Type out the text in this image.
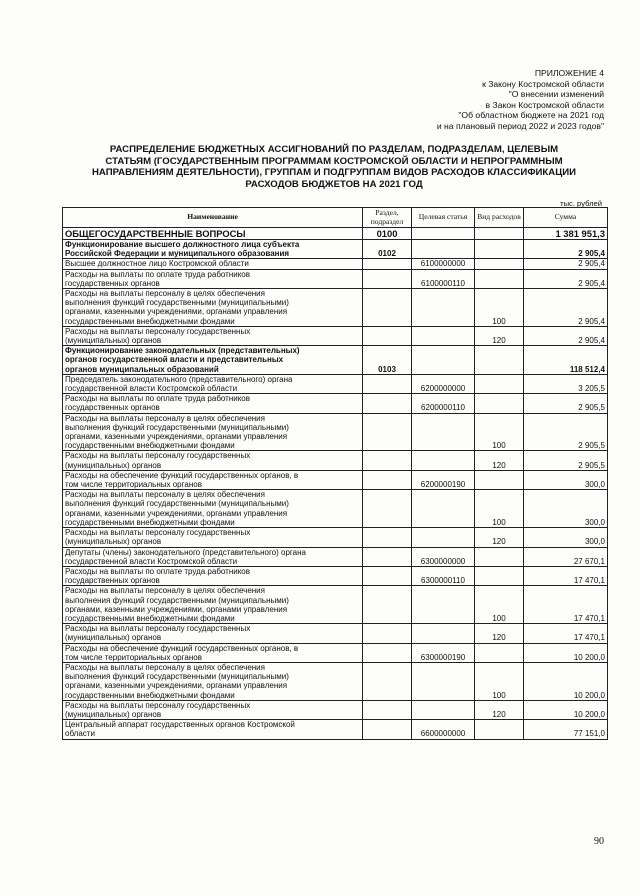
ПРИЛОЖЕНИЕ 4
к Закону Костромской области
"О внесении изменений
в Закон Костромской области
"Об областном бюджете на 2021 год
и на плановый период 2022 и 2023 годов"
РАСПРЕДЕЛЕНИЕ БЮДЖЕТНЫХ АССИГНОВАНИЙ ПО РАЗДЕЛАМ, ПОДРАЗДЕЛАМ, ЦЕЛЕВЫМ
СТАТЬЯМ (ГОСУДАРСТВЕННЫМ ПРОГРАММАМ КОСТРОМСКОЙ ОБЛАСТИ И НЕПРОГРАММНЫМ
НАПРАВЛЕНИЯМ ДЕЯТЕЛЬНОСТИ), ГРУППАМ И ПОДГРУППАМ ВИДОВ РАСХОДОВ КЛАССИФИКАЦИИ
РАСХОДОВ БЮДЖЕТОВ НА 2021 ГОД
тыс. рублей
Наименование	Раздел, подраздел	Целевая статья	Вид расходов	Сумма

ОБЩЕГОСУДАРСТВЕННЫЕ ВОПРОСЫ	0100			1 381 951,3

Функционирование высшего должностного лица субъекта
Российской Федерации и муниципального образования	0102			2 905,4

Высшее должностное лицо Костромской области		6100000000		2 905,4

Расходы на выплаты по оплате труда работников
государственных органов		6100000110		2 905,4

Расходы на выплаты персоналу в целях обеспечения
выполнения функций государственными (муниципальными)
органами, казенными учреждениями, органами управления
государственными внебюджетными фондами			100	2 905,4

Расходы на выплаты персоналу государственных
(муниципальных) органов			120	2 905,4

Функционирование законодательных (представительных)
органов государственной власти и представительных
органов муниципальных образований	0103			118 512,4

Председатель законодательного (представительного) органа
государственной власти Костромской области		6200000000		3 205,5

Расходы на выплаты по оплате труда работников
государственных органов		6200000110		2 905,5

Расходы на выплаты персоналу в целях обеспечения
выполнения функций государственными (муниципальными)
органами, казенными учреждениями, органами управления
государственными внебюджетными фондами			100	2 905,5

Расходы на выплаты персоналу государственных
(муниципальных) органов			120	2 905,5

Расходы на обеспечение функций государственных органов, в
том числе территориальных органов		6200000190		300,0

Расходы на выплаты персоналу в целях обеспечения
выполнения функций государственными (муниципальными)
органами, казенными учреждениями, органами управления
государственными внебюджетными фондами			100	300,0

Расходы на выплаты персоналу государственных
(муниципальных) органов			120	300,0

Депутаты (члены) законодательного (представительного) органа
государственной власти Костромской области		6300000000		27 670,1

Расходы на выплаты по оплате труда работников
государственных органов		6300000110		17 470,1

Расходы на выплаты персоналу в целях обеспечения
выполнения функций государственными (муниципальными)
органами, казенными учреждениями, органами управления
государственными внебюджетными фондами			100	17 470,1

Расходы на выплаты персоналу государственных
(муниципальных) органов			120	17 470,1

Расходы на обеспечение функций государственных органов, в
том числе территориальных органов		6300000190		10 200,0

Расходы на выплаты персоналу в целях обеспечения
выполнения функций государственными (муниципальными)
органами, казенными учреждениями, органами управления
государственными внебюджетными фондами			100	10 200,0

Расходы на выплаты персоналу государственных
(муниципальных) органов			120	10 200,0

Центральный аппарат государственных органов Костромской
области		6600000000		77 151,0
90
